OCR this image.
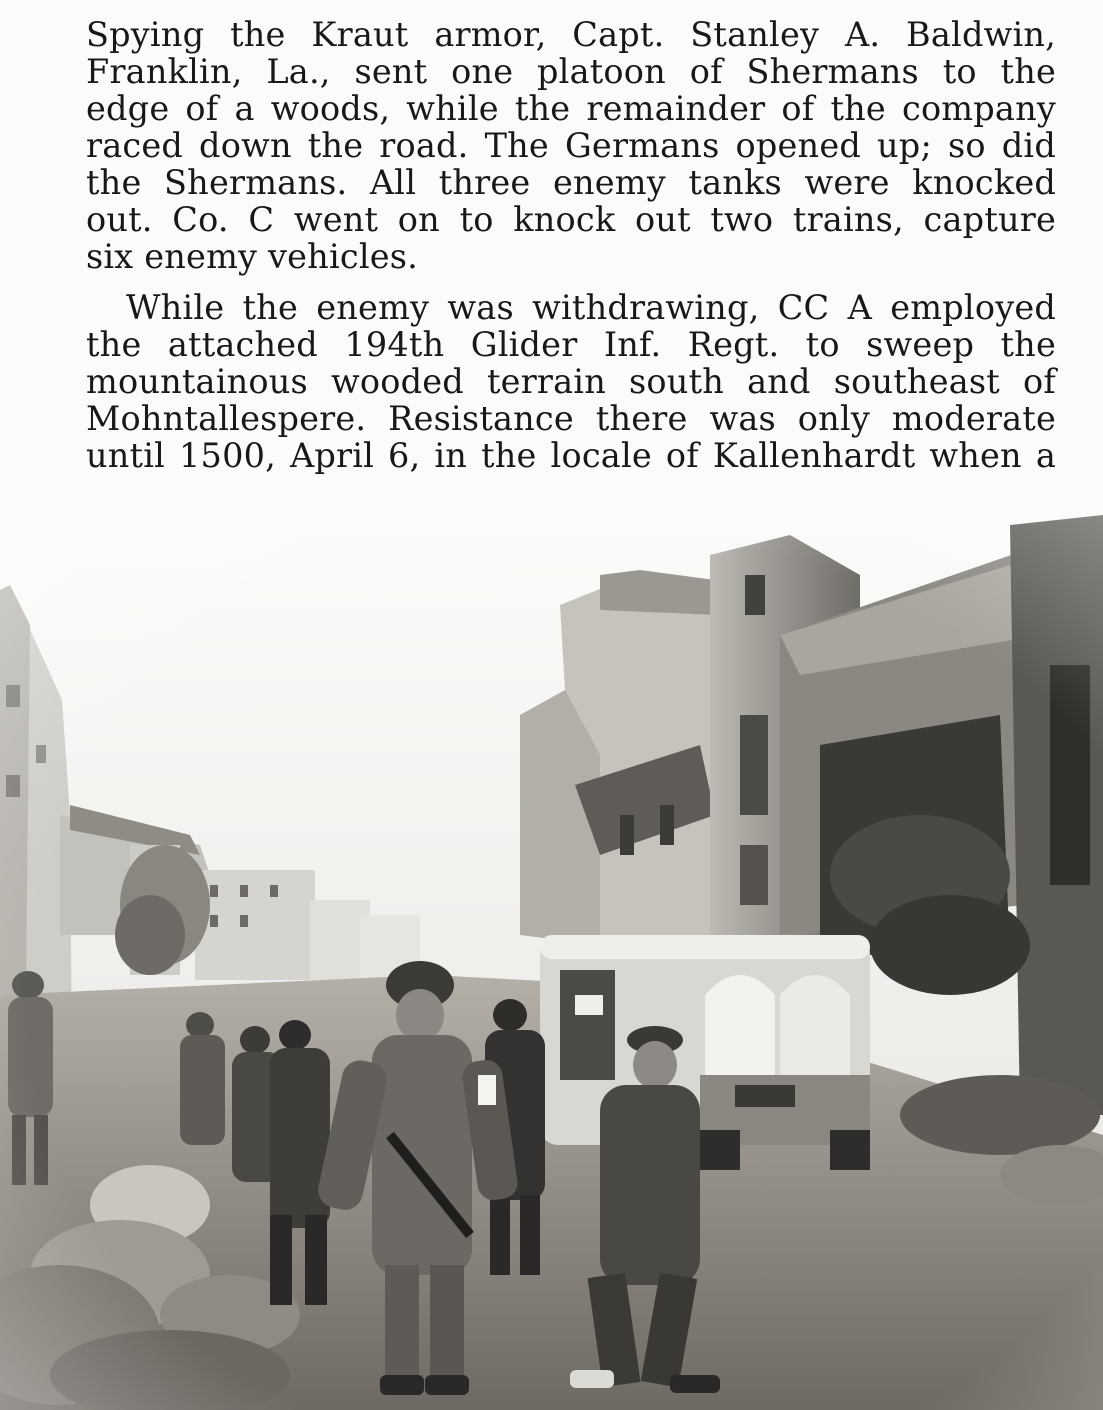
Spying the Kraut armor, Capt. Stanley A. Baldwin,
Franklin, La., sent one platoon of Shermans to the
edge of a woods, while the remainder of the company
raced down the road. The Germans opened up; so did
the Shermans. All three enemy tanks were knocked
out. Co. C went on to knock out two trains, capture
six enemy vehicles.

While the enemy was withdrawing, CC A employed
the attached 194th Glider Inf. Regt. to sweep the
mountainous wooded terrain south and southeast of
Mohntallespere. Resistance there was only moderate
until 1500, April 6, in the locale of Kallenhardt when a
